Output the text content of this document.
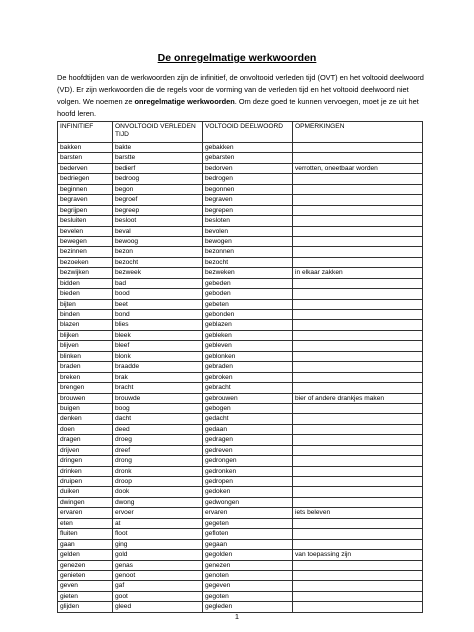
De onregelmatige werkwoorden
De hoofdtijden van de werkwoorden zijn de infinitief, de onvoltooid verleden tijd (OVT) en het voltooid deelwoord (VD). Er zijn werkwoorden die de regels voor de vorming van de verleden tijd en het voltooid deelwoord niet volgen. We noemen ze onregelmatige werkwoorden. Om deze goed te kunnen vervoegen, moet je ze uit het hoofd leren.
INFINITIEF	ONVOLTOOID VERLEDEN TIJD	VOLTOOID DEELWOORD	OPMERKINGEN
bakken	bakte	gebakken	
barsten	barstte	gebarsten	
bederven	bedierf	bedorven	verrotten, oneetbaar worden
bedriegen	bedroog	bedrogen	
beginnen	begon	begonnen	
begraven	begroef	begraven	
begrijpen	begreep	begrepen	
besluiten	besloot	besloten	
bevelen	beval	bevolen	
bewegen	bewoog	bewogen	
bezinnen	bezon	bezonnen	
bezoeken	bezocht	bezocht	
bezwijken	bezweek	bezweken	in elkaar zakken
bidden	bad	gebeden	
bieden	bood	geboden	
bijten	beet	gebeten	
binden	bond	gebonden	
blazen	blies	geblazen	
blijken	bleek	gebleken	
blijven	bleef	gebleven	
blinken	blonk	geblonken	
braden	braadde	gebraden	
breken	brak	gebroken	
brengen	bracht	gebracht	
brouwen	brouwde	gebrouwen	bier of andere drankjes maken
buigen	boog	gebogen	
denken	dacht	gedacht	
doen	deed	gedaan	
dragen	droeg	gedragen	
drijven	dreef	gedreven	
dringen	drong	gedrongen	
drinken	dronk	gedronken	
druipen	droop	gedropen	
duiken	dook	gedoken	
dwingen	dwong	gedwongen	
ervaren	ervoer	ervaren	iets beleven
eten	at	gegeten	
fluiten	floot	gefloten	
gaan	ging	gegaan	
gelden	gold	gegolden	van toepassing zijn
genezen	genas	genezen	
genieten	genoot	genoten	
geven	gaf	gegeven	
gieten	goot	gegoten	
glijden	gleed	gegleden	
1
